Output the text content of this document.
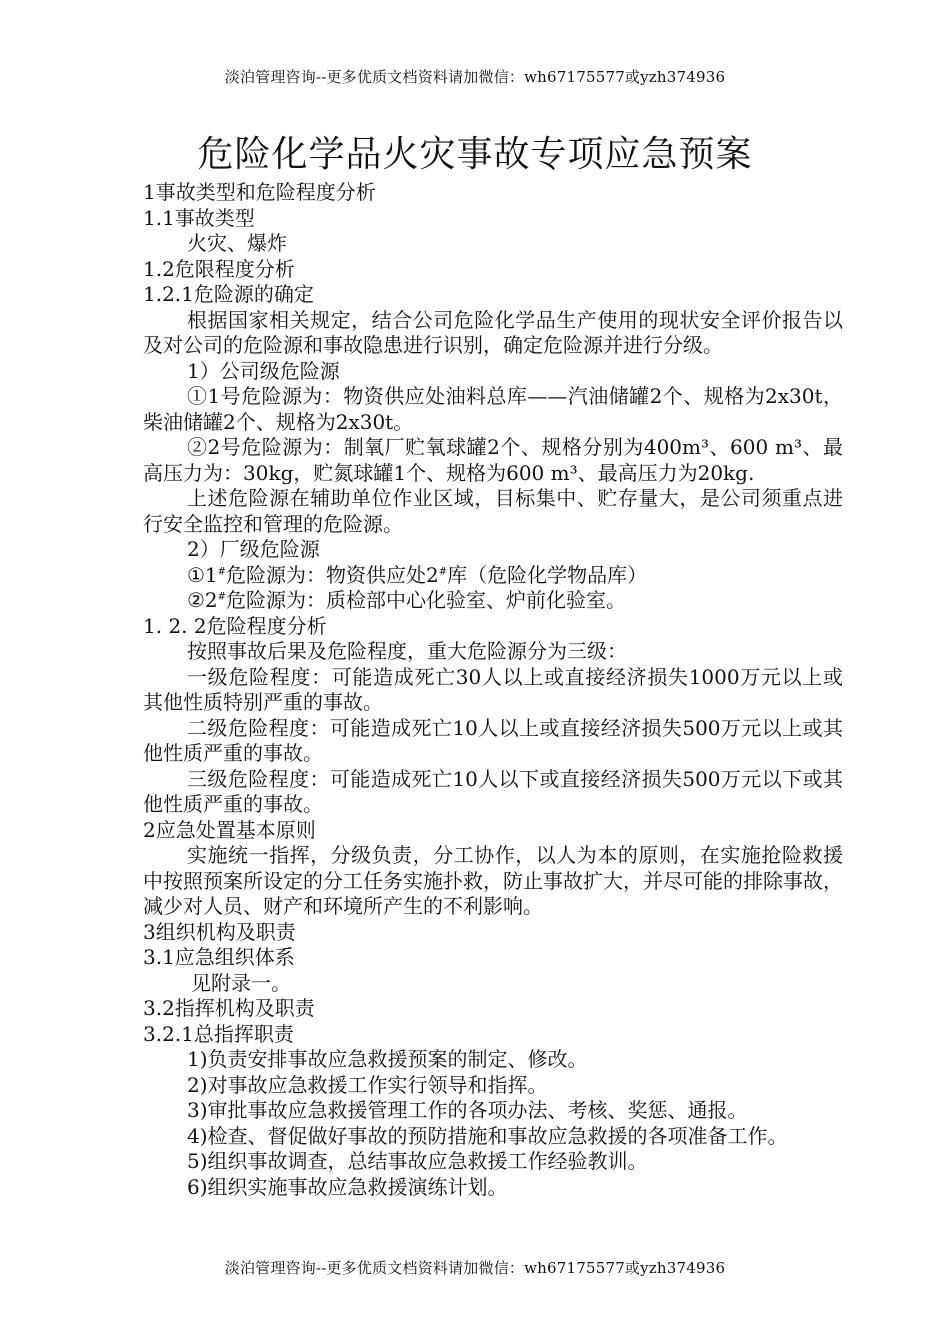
淡泊管理咨询--更多优质文档资料请加微信：wh67175577或yzh374936
危险化学品火灾事故专项应急预案

1事故类型和危险程度分析

1.1事故类型

火灾、爆炸

1.2危限程度分析

1.2.1危险源的确定

根据国家相关规定，结合公司危险化学品生产使用的现状安全评价报告以及对公司的危险源和事故隐患进行识别，确定危险源并进行分级。

1）公司级危险源

①1号危险源为：物资供应处油料总库——汽油储罐2个、规格为2x30t，柴油储罐2个、规格为2x30t。

②2号危险源为：制氧厂贮氧球罐2个、规格分别为400m³、600 m³、最高压力为：30kg，贮氮球罐1个、规格为600 m³、最高压力为20kg.

上述危险源在辅助单位作业区域，目标集中、贮存量大，是公司须重点进行安全监控和管理的危险源。

2）厂级危险源

①1#危险源为：物资供应处2#库（危险化学物品库）

②2#危险源为：质检部中心化验室、炉前化验室。

1. 2. 2危险程度分析

按照事故后果及危险程度，重大危险源分为三级：

一级危险程度：可能造成死亡30人以上或直接经济损失1000万元以上或其他性质特别严重的事故。

二级危险程度：可能造成死亡10人以上或直接经济损失500万元以上或其他性质严重的事故。

三级危险程度：可能造成死亡10人以下或直接经济损失500万元以下或其他性质严重的事故。

2应急处置基本原则

实施统一指挥，分级负责，分工协作，以人为本的原则，在实施抢险救援中按照预案所设定的分工任务实施扑救，防止事故扩大，并尽可能的排除事故，减少对人员、财产和环境所产生的不利影响。

3组织机构及职责

3.1应急组织体系

见附录一。

3.2指挥机构及职责

3.2.1总指挥职责

1)负责安排事故应急救援预案的制定、修改。

2)对事故应急救援工作实行领导和指挥。

3)审批事故应急救援管理工作的各项办法、考核、奖惩、通报。

4)检查、督促做好事故的预防措施和事故应急救援的各项准备工作。

5)组织事故调查，总结事故应急救援工作经验教训。

6)组织实施事故应急救援演练计划。

淡泊管理咨询--更多优质文档资料请加微信：wh67175577或yzh374936
